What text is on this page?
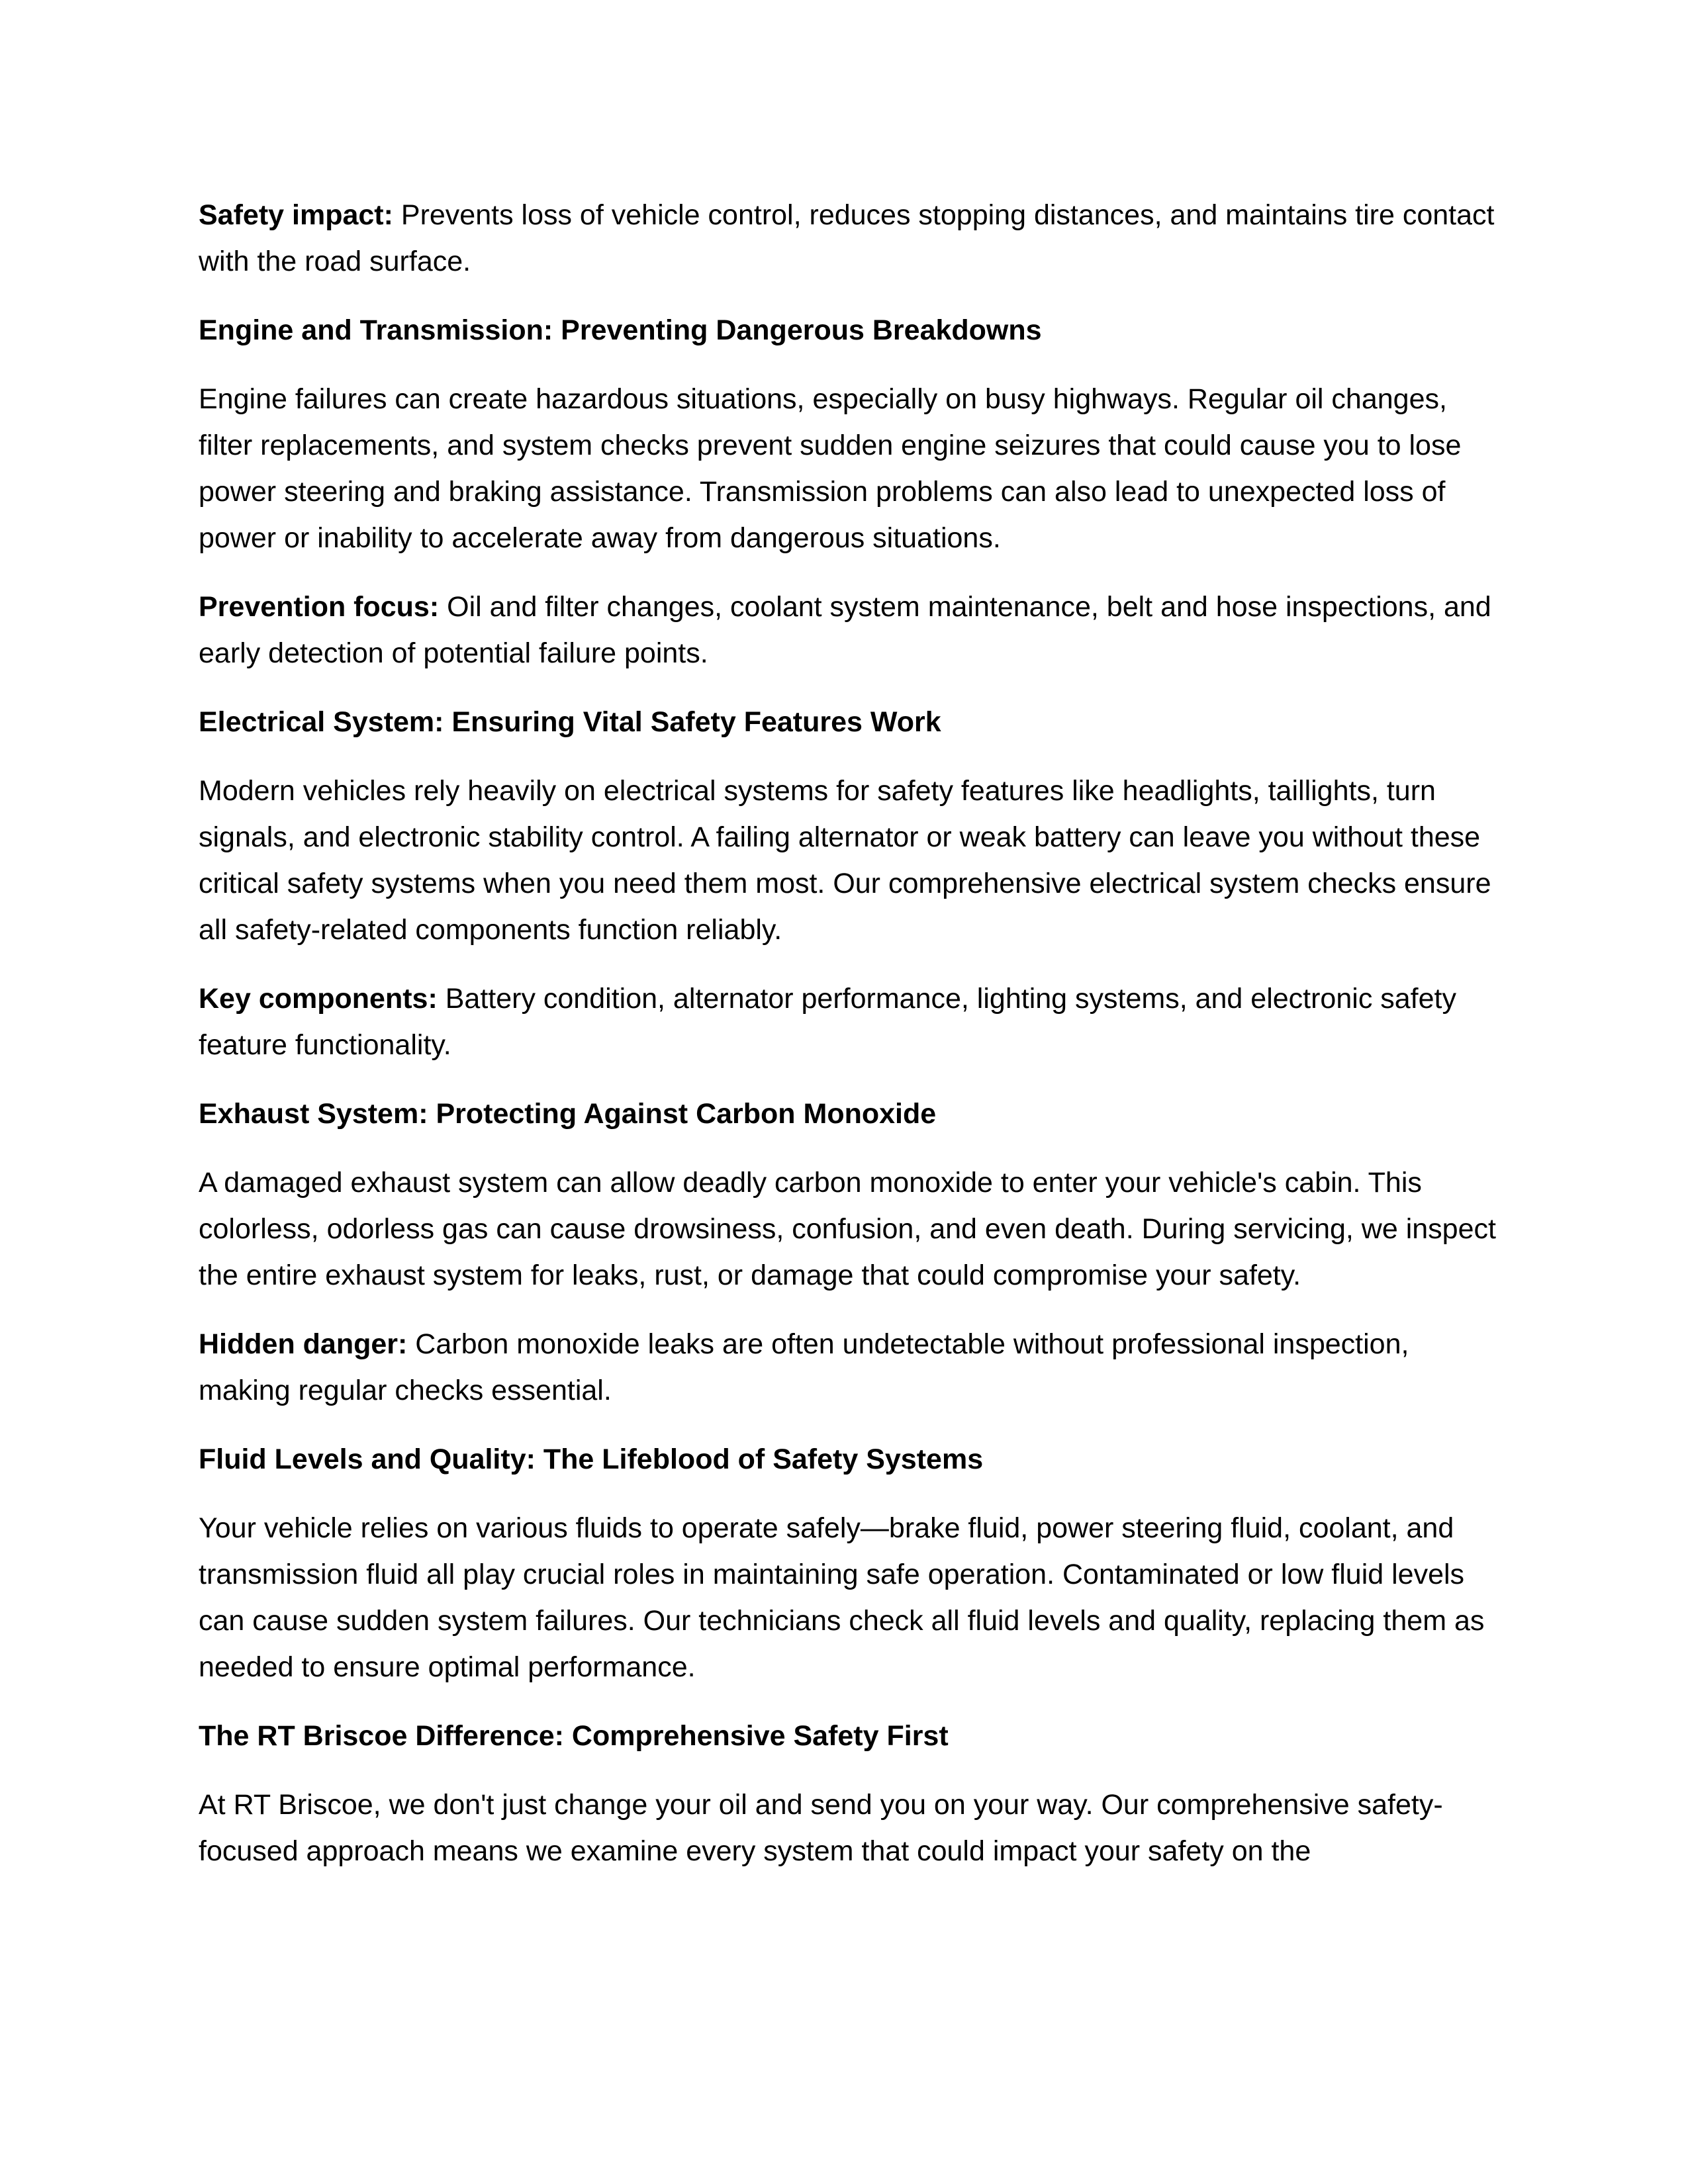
Safety impact: Prevents loss of vehicle control, reduces stopping distances, and maintains tire contact with the road surface.

Engine and Transmission: Preventing Dangerous Breakdowns

Engine failures can create hazardous situations, especially on busy highways. Regular oil changes, filter replacements, and system checks prevent sudden engine seizures that could cause you to lose power steering and braking assistance. Transmission problems can also lead to unexpected loss of power or inability to accelerate away from dangerous situations.

Prevention focus: Oil and filter changes, coolant system maintenance, belt and hose inspections, and early detection of potential failure points.

Electrical System: Ensuring Vital Safety Features Work

Modern vehicles rely heavily on electrical systems for safety features like headlights, taillights, turn signals, and electronic stability control. A failing alternator or weak battery can leave you without these critical safety systems when you need them most. Our comprehensive electrical system checks ensure all safety-related components function reliably.

Key components: Battery condition, alternator performance, lighting systems, and electronic safety feature functionality.

Exhaust System: Protecting Against Carbon Monoxide

A damaged exhaust system can allow deadly carbon monoxide to enter your vehicle's cabin. This colorless, odorless gas can cause drowsiness, confusion, and even death. During servicing, we inspect the entire exhaust system for leaks, rust, or damage that could compromise your safety.

Hidden danger: Carbon monoxide leaks are often undetectable without professional inspection, making regular checks essential.

Fluid Levels and Quality: The Lifeblood of Safety Systems

Your vehicle relies on various fluids to operate safely—brake fluid, power steering fluid, coolant, and transmission fluid all play crucial roles in maintaining safe operation. Contaminated or low fluid levels can cause sudden system failures. Our technicians check all fluid levels and quality, replacing them as needed to ensure optimal performance.

The RT Briscoe Difference: Comprehensive Safety First

At RT Briscoe, we don't just change your oil and send you on your way. Our comprehensive safety-focused approach means we examine every system that could impact your safety on the
